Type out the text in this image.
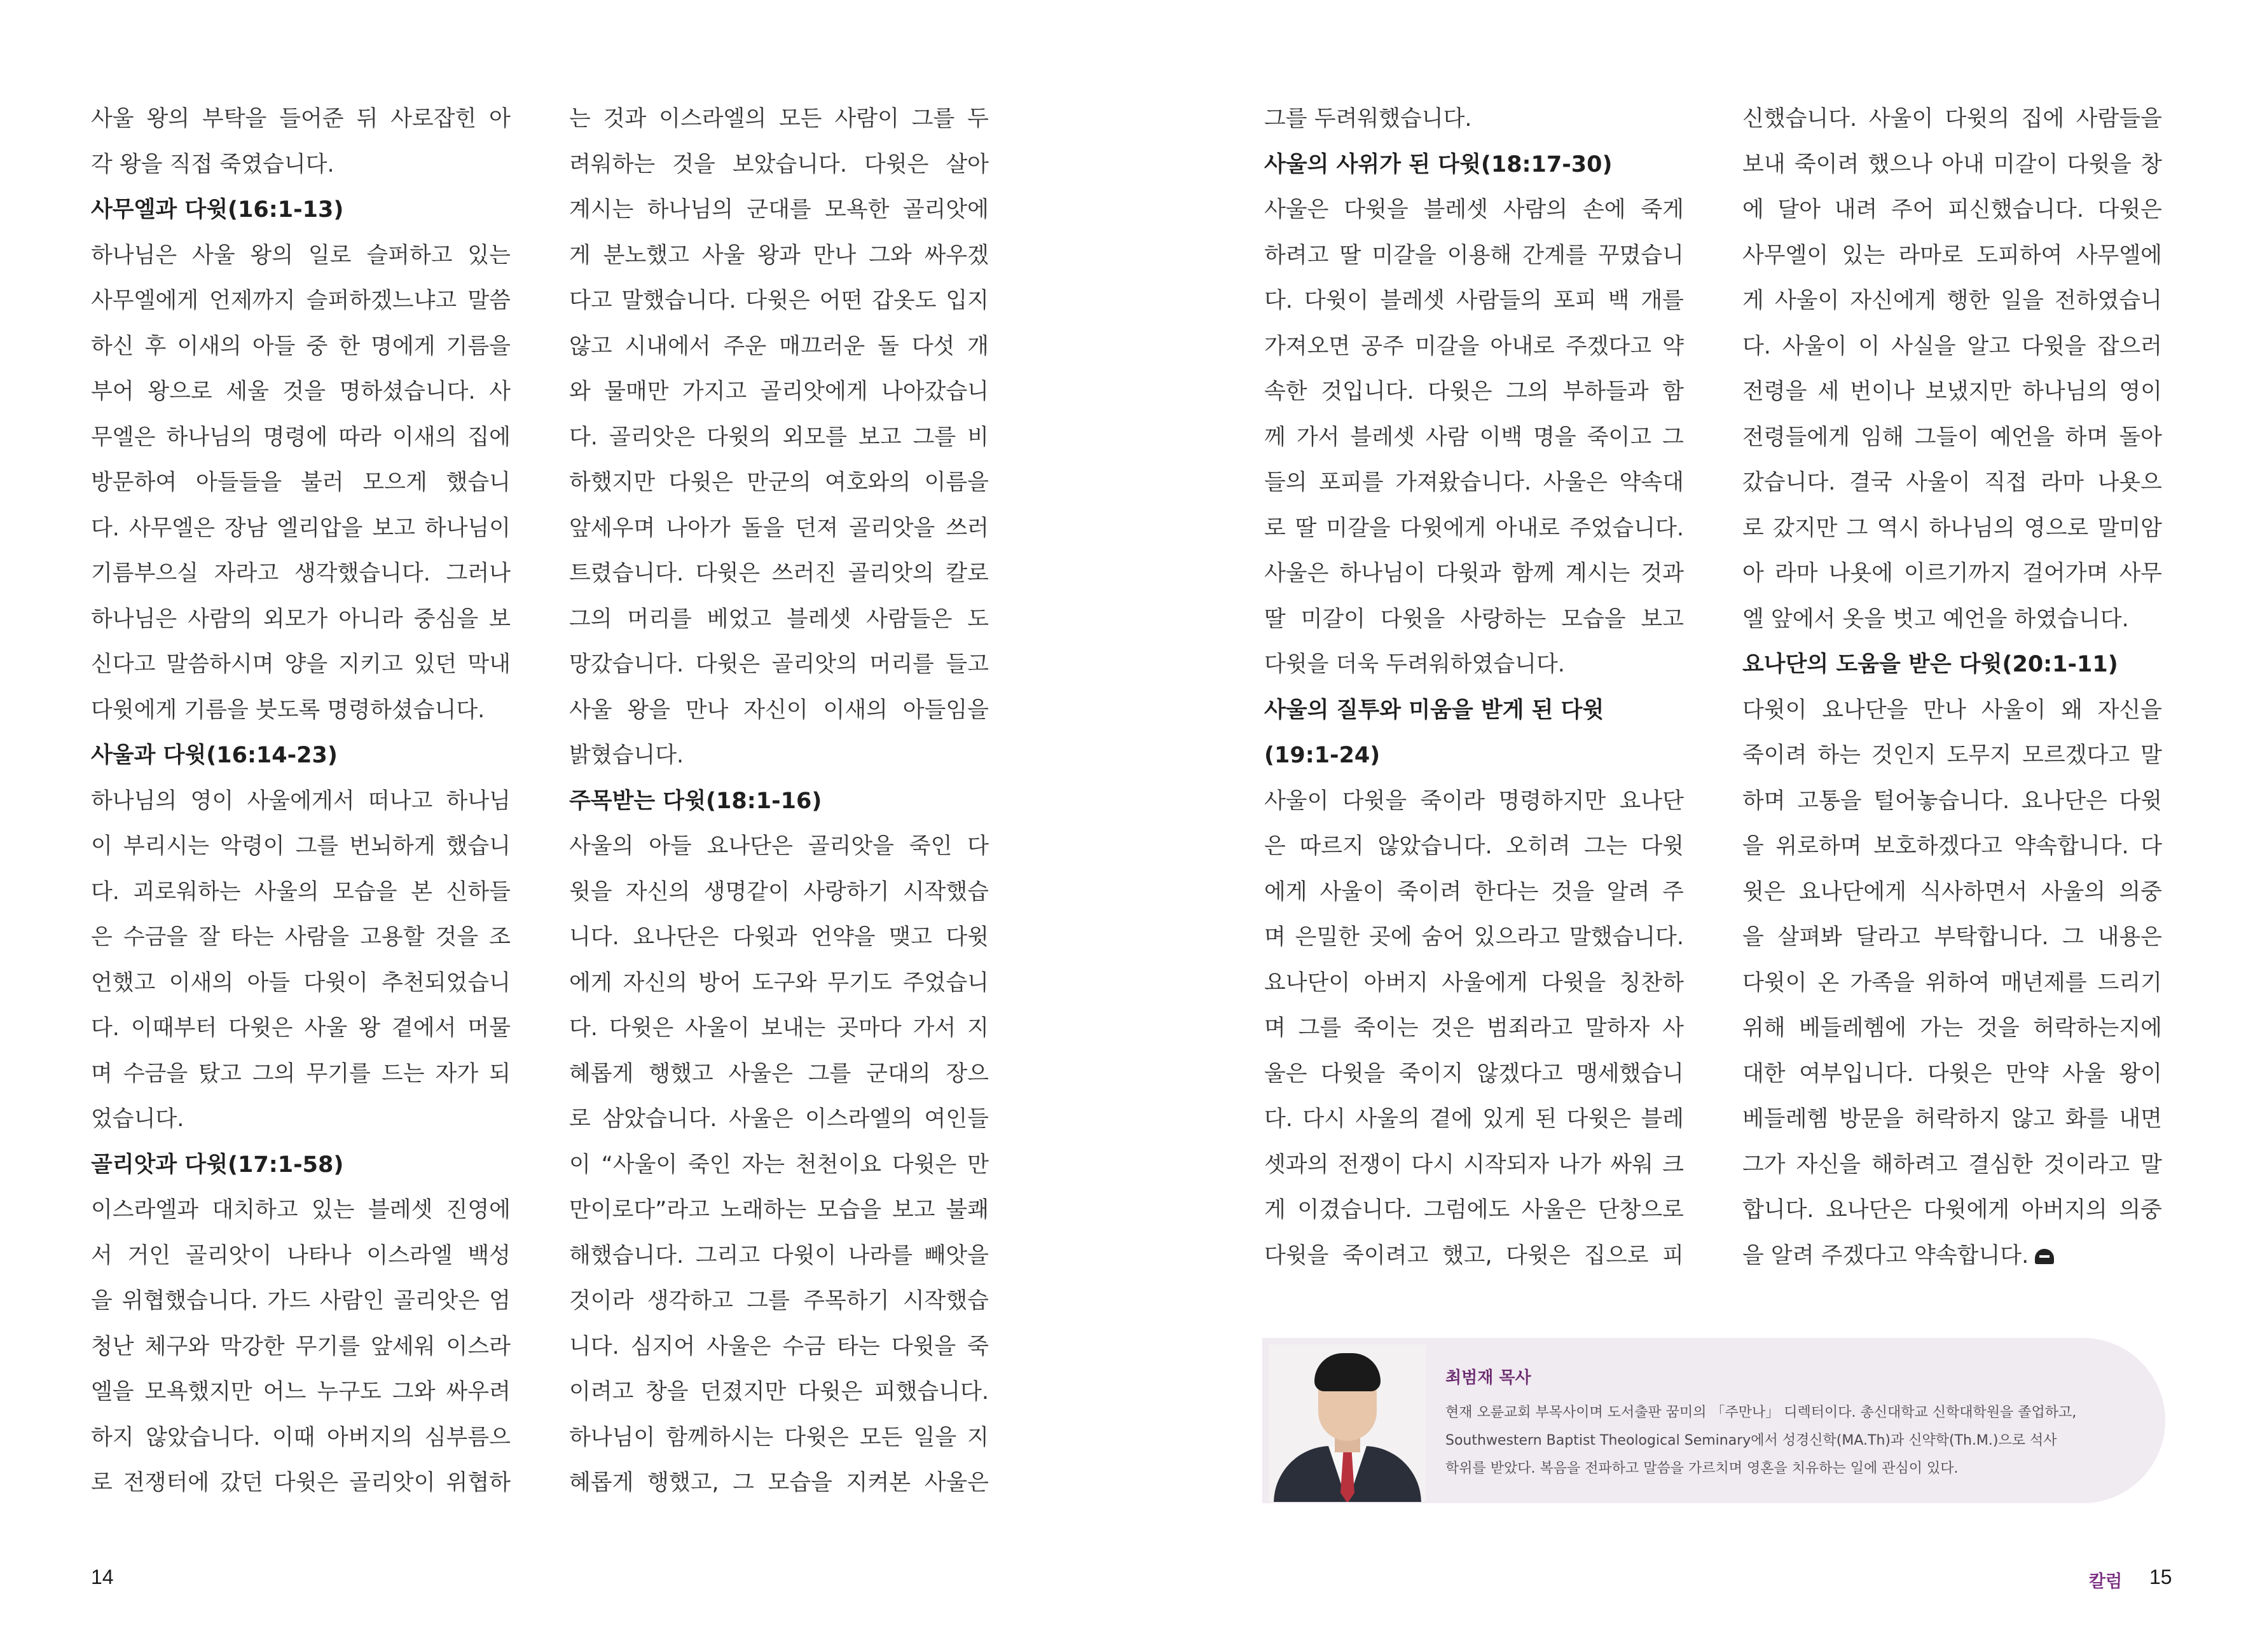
사울 왕의 부탁을 들어준 뒤 사로잡힌 아
각 왕을 직접 죽였습니다.
사무엘과 다윗(16:1-13)
하나님은 사울 왕의 일로 슬퍼하고 있는
사무엘에게 언제까지 슬퍼하겠느냐고 말씀
하신 후 이새의 아들 중 한 명에게 기름을
부어 왕으로 세울 것을 명하셨습니다. 사
무엘은 하나님의 명령에 따라 이새의 집에
방문하여 아들들을 불러 모으게 했습니
다. 사무엘은 장남 엘리압을 보고 하나님이
기름부으실 자라고 생각했습니다. 그러나
하나님은 사람의 외모가 아니라 중심을 보
신다고 말씀하시며 양을 지키고 있던 막내
다윗에게 기름을 붓도록 명령하셨습니다.
사울과 다윗(16:14-23)
하나님의 영이 사울에게서 떠나고 하나님
이 부리시는 악령이 그를 번뇌하게 했습니
다. 괴로워하는 사울의 모습을 본 신하들
은 수금을 잘 타는 사람을 고용할 것을 조
언했고 이새의 아들 다윗이 추천되었습니
다. 이때부터 다윗은 사울 왕 곁에서 머물
며 수금을 탔고 그의 무기를 드는 자가 되
었습니다.
골리앗과 다윗(17:1-58)
이스라엘과 대치하고 있는 블레셋 진영에
서 거인 골리앗이 나타나 이스라엘 백성
을 위협했습니다. 가드 사람인 골리앗은 엄
청난 체구와 막강한 무기를 앞세워 이스라
엘을 모욕했지만 어느 누구도 그와 싸우려
하지 않았습니다. 이때 아버지의 심부름으
로 전쟁터에 갔던 다윗은 골리앗이 위협하
는 것과 이스라엘의 모든 사람이 그를 두
려워하는 것을 보았습니다. 다윗은 살아
계시는 하나님의 군대를 모욕한 골리앗에
게 분노했고 사울 왕과 만나 그와 싸우겠
다고 말했습니다. 다윗은 어떤 갑옷도 입지
않고 시내에서 주운 매끄러운 돌 다섯 개
와 물매만 가지고 골리앗에게 나아갔습니
다. 골리앗은 다윗의 외모를 보고 그를 비
하했지만 다윗은 만군의 여호와의 이름을
앞세우며 나아가 돌을 던져 골리앗을 쓰러
트렸습니다. 다윗은 쓰러진 골리앗의 칼로
그의 머리를 베었고 블레셋 사람들은 도
망갔습니다. 다윗은 골리앗의 머리를 들고
사울 왕을 만나 자신이 이새의 아들임을
밝혔습니다.
주목받는 다윗(18:1-16)
사울의 아들 요나단은 골리앗을 죽인 다
윗을 자신의 생명같이 사랑하기 시작했습
니다. 요나단은 다윗과 언약을 맺고 다윗
에게 자신의 방어 도구와 무기도 주었습니
다. 다윗은 사울이 보내는 곳마다 가서 지
혜롭게 행했고 사울은 그를 군대의 장으
로 삼았습니다. 사울은 이스라엘의 여인들
이 “사울이 죽인 자는 천천이요 다윗은 만
만이로다”라고 노래하는 모습을 보고 불쾌
해했습니다. 그리고 다윗이 나라를 빼앗을
것이라 생각하고 그를 주목하기 시작했습
니다. 심지어 사울은 수금 타는 다윗을 죽
이려고 창을 던졌지만 다윗은 피했습니다.
하나님이 함께하시는 다윗은 모든 일을 지
혜롭게 행했고, 그 모습을 지켜본 사울은
그를 두려워했습니다.
사울의 사위가 된 다윗(18:17-30)
사울은 다윗을 블레셋 사람의 손에 죽게
하려고 딸 미갈을 이용해 간계를 꾸몄습니
다. 다윗이 블레셋 사람들의 포피 백 개를
가져오면 공주 미갈을 아내로 주겠다고 약
속한 것입니다. 다윗은 그의 부하들과 함
께 가서 블레셋 사람 이백 명을 죽이고 그
들의 포피를 가져왔습니다. 사울은 약속대
로 딸 미갈을 다윗에게 아내로 주었습니다.
사울은 하나님이 다윗과 함께 계시는 것과
딸 미갈이 다윗을 사랑하는 모습을 보고
다윗을 더욱 두려워하였습니다.
사울의 질투와 미움을 받게 된 다윗
(19:1-24)
사울이 다윗을 죽이라 명령하지만 요나단
은 따르지 않았습니다. 오히려 그는 다윗
에게 사울이 죽이려 한다는 것을 알려 주
며 은밀한 곳에 숨어 있으라고 말했습니다.
요나단이 아버지 사울에게 다윗을 칭찬하
며 그를 죽이는 것은 범죄라고 말하자 사
울은 다윗을 죽이지 않겠다고 맹세했습니
다. 다시 사울의 곁에 있게 된 다윗은 블레
셋과의 전쟁이 다시 시작되자 나가 싸워 크
게 이겼습니다. 그럼에도 사울은 단창으로
다윗을 죽이려고 했고, 다윗은 집으로 피
신했습니다. 사울이 다윗의 집에 사람들을
보내 죽이려 했으나 아내 미갈이 다윗을 창
에 달아 내려 주어 피신했습니다. 다윗은
사무엘이 있는 라마로 도피하여 사무엘에
게 사울이 자신에게 행한 일을 전하였습니
다. 사울이 이 사실을 알고 다윗을 잡으러
전령을 세 번이나 보냈지만 하나님의 영이
전령들에게 임해 그들이 예언을 하며 돌아
갔습니다. 결국 사울이 직접 라마 나욧으
로 갔지만 그 역시 하나님의 영으로 말미암
아 라마 나욧에 이르기까지 걸어가며 사무
엘 앞에서 옷을 벗고 예언을 하였습니다.
요나단의 도움을 받은 다윗(20:1-11)
다윗이 요나단을 만나 사울이 왜 자신을
죽이려 하는 것인지 도무지 모르겠다고 말
하며 고통을 털어놓습니다. 요나단은 다윗
을 위로하며 보호하겠다고 약속합니다. 다
윗은 요나단에게 식사하면서 사울의 의중
을 살펴봐 달라고 부탁합니다. 그 내용은
다윗이 온 가족을 위하여 매년제를 드리기
위해 베들레헴에 가는 것을 허락하는지에
대한 여부입니다. 다윗은 만약 사울 왕이
베들레헴 방문을 허락하지 않고 화를 내면
그가 자신을 해하려고 결심한 것이라고 말
합니다. 요나단은 다윗에게 아버지의 의중
을 알려 주겠다고 약속합니다.
최범재 목사
현재 오륜교회 부목사이며 도서출판 꿈미의 「주만나」 디렉터이다. 총신대학교 신학대학원을 졸업하고,
Southwestern Baptist Theological Seminary에서 성경신학(MA.Th)과 신약학(Th.M.)으로 석사
학위를 받았다. 복음을 전파하고 말씀을 가르치며 영혼을 치유하는 일에 관심이 있다.
14	칼럼 15
